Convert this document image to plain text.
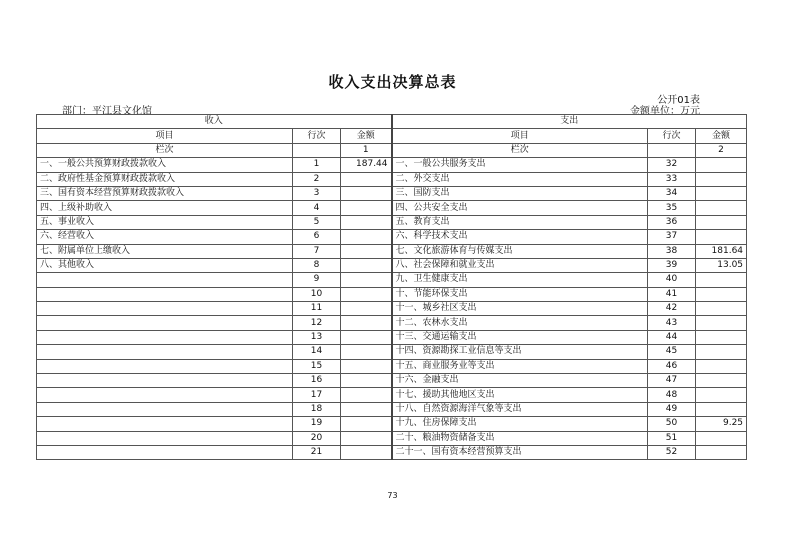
收入支出决算总表
公开01表
部门：平江县文化馆	金额单位：万元
收入			支出		
项目	行次	金额	项目	行次	金额
栏次		1	栏次		2
一、一般公共预算财政拨款收入	1	187.44	一、一般公共服务支出	32	
二、政府性基金预算财政拨款收入	2		二、外交支出	33	
三、国有资本经营预算财政拨款收入	3		三、国防支出	34	
四、上级补助收入	4		四、公共安全支出	35	
五、事业收入	5		五、教育支出	36	
六、经营收入	6		六、科学技术支出	37	
七、附属单位上缴收入	7		七、文化旅游体育与传媒支出	38	181.64
八、其他收入	8		八、社会保障和就业支出	39	13.05
	9		九、卫生健康支出	40	
	10		十、节能环保支出	41	
	11		十一、城乡社区支出	42	
	12		十二、农林水支出	43	
	13		十三、交通运输支出	44	
	14		十四、资源勘探工业信息等支出	45	
	15		十五、商业服务业等支出	46	
	16		十六、金融支出	47	
	17		十七、援助其他地区支出	48	
	18		十八、自然资源海洋气象等支出	49	
	19		十九、住房保障支出	50	9.25
	20		二十、粮油物资储备支出	51	
	21		二十一、国有资本经营预算支出	52	
73
